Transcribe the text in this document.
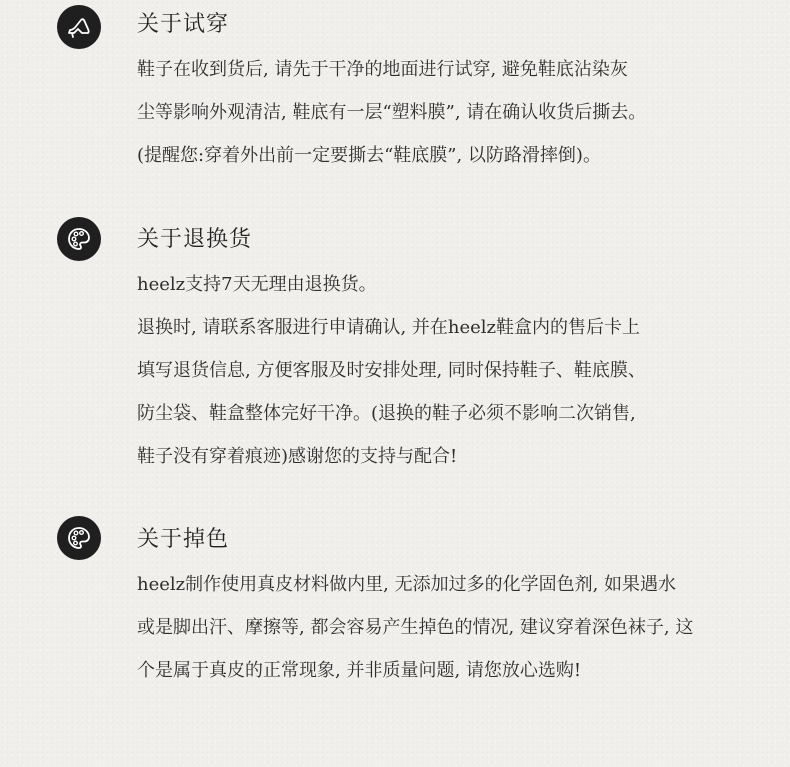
关于试穿
鞋子在收到货后, 请先于干净的地面进行试穿, 避免鞋底沾染灰
尘等影响外观清洁, 鞋底有一层“塑料膜”, 请在确认收货后撕去。
(提醒您:穿着外出前一定要撕去“鞋底膜”, 以防路滑摔倒)。
关于退换货
heelz支持7天无理由退换货。
退换时, 请联系客服进行申请确认, 并在heelz鞋盒内的售后卡上
填写退货信息, 方便客服及时安排处理, 同时保持鞋子、鞋底膜、
防尘袋、鞋盒整体完好干净。(退换的鞋子必须不影响二次销售,
鞋子没有穿着痕迹)感谢您的支持与配合!
关于掉色
heelz制作使用真皮材料做内里, 无添加过多的化学固色剂, 如果遇水
或是脚出汗、摩擦等, 都会容易产生掉色的情况, 建议穿着深色袜子, 这
个是属于真皮的正常现象, 并非质量问题, 请您放心选购!
